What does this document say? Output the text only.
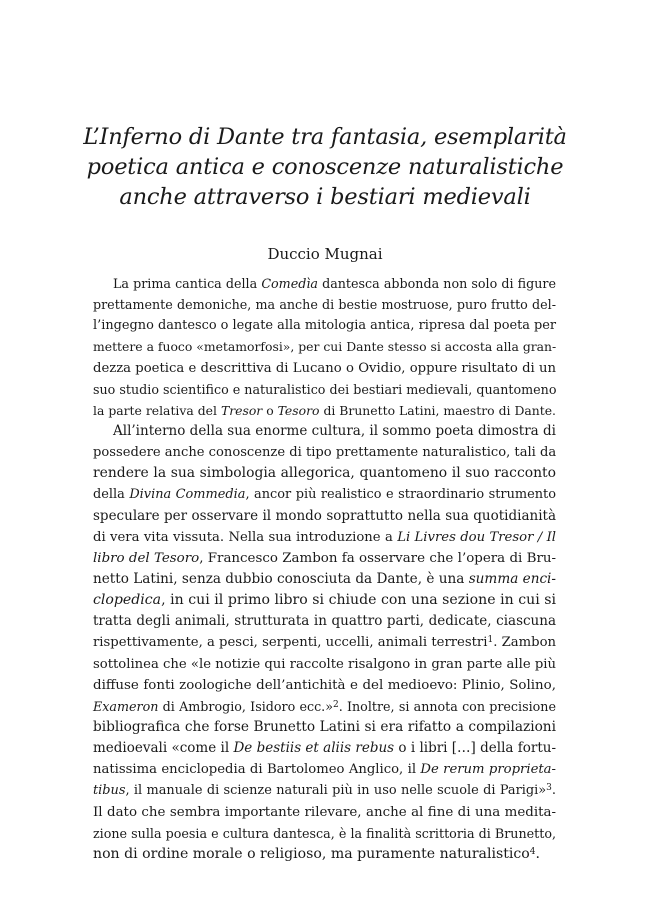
L’Inferno di Dante tra fantasia, esemplarità
poetica antica e conoscenze naturalistiche
anche attraverso i bestiari medievali
Duccio Mugnai
La prima cantica della Comedìa dantesca abbonda non solo di figure
prettamente demoniche, ma anche di bestie mostruose, puro frutto del-
l’ingegno dantesco o legate alla mitologia antica, ripresa dal poeta per
mettere a fuoco «metamorfosi», per cui Dante stesso si accosta alla gran-
dezza poetica e descrittiva di Lucano o Ovidio, oppure risultato di un
suo studio scientifico e naturalistico dei bestiari medievali, quantomeno
la parte relativa del Tresor o Tesoro di Brunetto Latini, maestro di Dante.
All’interno della sua enorme cultura, il sommo poeta dimostra di
possedere anche conoscenze di tipo prettamente naturalistico, tali da
rendere la sua simbologia allegorica, quantomeno il suo racconto
della Divina Commedia, ancor più realistico e straordinario strumento
speculare per osservare il mondo soprattutto nella sua quotidianità
di vera vita vissuta. Nella sua introduzione a Li Livres dou Tresor / Il
libro del Tesoro, Francesco Zambon fa osservare che l’opera di Bru-
netto Latini, senza dubbio conosciuta da Dante, è una summa enci-
clopedica, in cui il primo libro si chiude con una sezione in cui si
tratta degli animali, strutturata in quattro parti, dedicate, ciascuna
rispettivamente, a pesci, serpenti, uccelli, animali terrestri$^1$. Zambon
sottolinea che «le notizie qui raccolte risalgono in gran parte alle più
diffuse fonti zoologiche dell’antichità e del medioevo: Plinio, Solino,
Exameron di Ambrogio, Isidoro ecc.»$^2$. Inoltre, si annota con precisione
bibliografica che forse Brunetto Latini si era rifatto a compilazioni
medioevali «come il De bestiis et aliis rebus o i libri […] della fortu-
natissima enciclopedia di Bartolomeo Anglico, il De rerum proprieta-
tibus, il manuale di scienze naturali più in uso nelle scuole di Parigi»$^3$.
Il dato che sembra importante rilevare, anche al fine di una medita-
zione sulla poesia e cultura dantesca, è la finalità scrittoria di Brunetto,
non di ordine morale o religioso, ma puramente naturalistico$^4$.
